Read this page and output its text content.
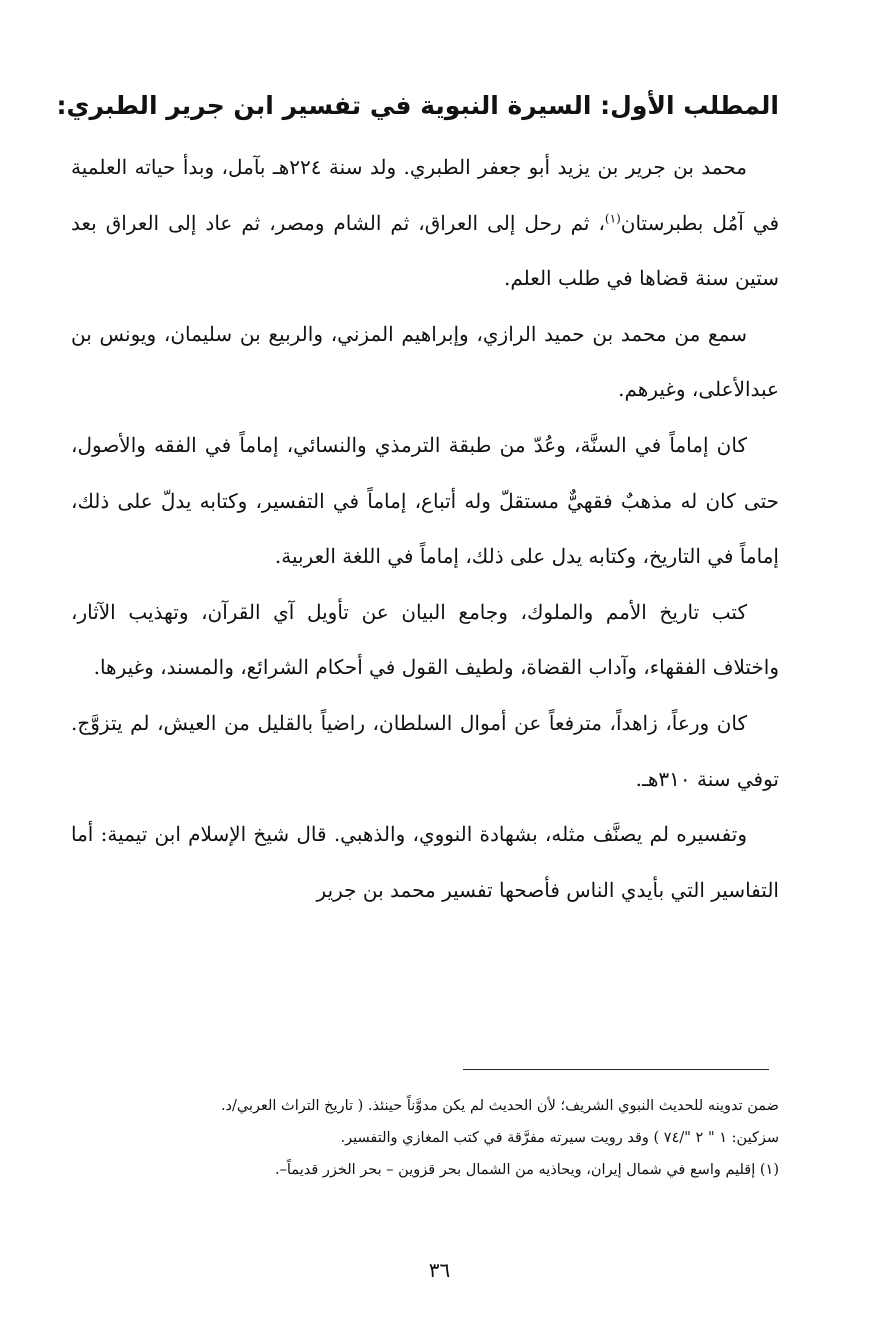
المطلب الأول: السيرة النبوية في تفسير ابن جرير الطبري:

محمد بن جرير بن يزيد أبو جعفر الطبري. ولد سنة ٢٢٤هـ بآمل، وبدأ حياته العلمية في آمُل بطبرستان$^{(١)}$، ثم رحل إلى العراق، ثم الشام ومصر، ثم عاد إلى العراق بعد ستين سنة قضاها في طلب العلم.

سمع من محمد بن حميد الرازي، وإبراهيم المزني، والربيع بن سليمان، ويونس بن عبدالأعلى، وغيرهم.

كان إماماً في السنَّة، وعُدّ من طبقة الترمذي والنسائي، إماماً في الفقه والأصول، حتى كان له مذهبٌ فقهيٌّ مستقلّ وله أتباع، إماماً في التفسير، وكتابه يدلّ على ذلك، إماماً في التاريخ، وكتابه يدل على ذلك، إماماً في اللغة العربية.

كتب تاريخ الأمم والملوك، وجامع البيان عن تأويل آي القرآن، وتهذيب الآثار، واختلاف الفقهاء، وآداب القضاة، ولطيف القول في أحكام الشرائع، والمسند، وغيرها.

كان ورعاً، زاهداً، مترفعاً عن أموال السلطان، راضياً بالقليل من العيش، لم يتزوَّج. توفي سنة ٣١٠هـ.

وتفسيره لم يصنَّف مثله، بشهادة النووي، والذهبي. قال شيخ الإسلام ابن تيمية: أما التفاسير التي بأيدي الناس فأصحها تفسير محمد بن جرير

ضمن تدوينه للحديث النبوي الشريف؛ لأن الحديث لم يكن مدوَّناً حينئذ. ( تاريخ التراث العربي/د.

سزكين: ١ " ٢ "/٧٤ ) وقد رويت سيرته مفرَّقة في كتب المغازي والتفسير.

(١) إقليم واسع في شمال إيران، ويحاذيه من الشمال بحر قزوين – بحر الخزر قديماً–.

٣٦
